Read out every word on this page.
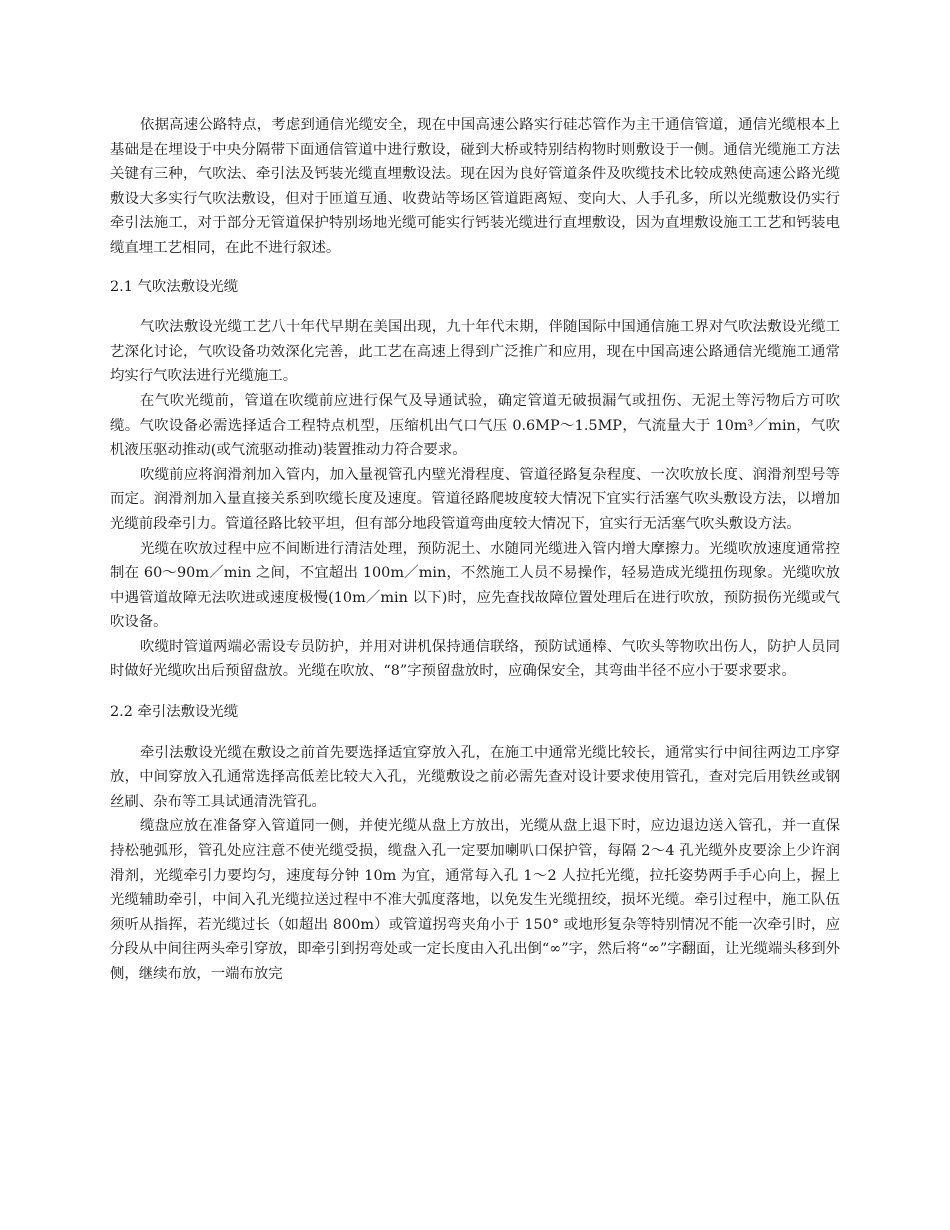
依据高速公路特点，考虑到通信光缆安全，现在中国高速公路实行硅芯管作为主干通信管道，通信光缆根本上基础是在埋设于中央分隔带下面通信管道中进行敷设，碰到大桥或特别结构物时则敷设于一侧。通信光缆施工方法关键有三种，气吹法、牵引法及钙装光缆直埋敷设法。现在因为良好管道条件及吹缆技术比较成熟使高速公路光缆敷设大多实行气吹法敷设，但对于匝道互通、收费站等场区管道距离短、变向大、人手孔多，所以光缆敷设仍实行牵引法施工，对于部分无管道保护特别场地光缆可能实行钙装光缆进行直埋敷设，因为直埋敷设施工工艺和钙装电缆直埋工艺相同，在此不进行叙述。

2.1 气吹法敷设光缆

气吹法敷设光缆工艺八十年代早期在美国出现，九十年代末期，伴随国际中国通信施工界对气吹法敷设光缆工艺深化讨论，气吹设备功效深化完善，此工艺在高速上得到广泛推广和应用，现在中国高速公路通信光缆施工通常均实行气吹法进行光缆施工。

在气吹光缆前，管道在吹缆前应进行保气及导通试验，确定管道无破损漏气或扭伤、无泥土等污物后方可吹缆。气吹设备必需选择适合工程特点机型，压缩机出气口气压 0.6MP～1.5MP，气流量大于 10m³／min，气吹机液压驱动推动(或气流驱动推动)装置推动力符合要求。

吹缆前应将润滑剂加入管内，加入量视管孔内壁光滑程度、管道径路复杂程度、一次吹放长度、润滑剂型号等而定。润滑剂加入量直接关系到吹缆长度及速度。管道径路爬坡度较大情况下宜实行活塞气吹头敷设方法，以增加光缆前段牵引力。管道径路比较平坦，但有部分地段管道弯曲度较大情况下，宜实行无活塞气吹头敷设方法。

光缆在吹放过程中应不间断进行清洁处理，预防泥土、水随同光缆进入管内增大摩擦力。光缆吹放速度通常控制在 60～90m／min 之间，不宜超出 100m／min，不然施工人员不易操作，轻易造成光缆扭伤现象。光缆吹放中遇管道故障无法吹进或速度极慢(10m／min 以下)时，应先查找故障位置处理后在进行吹放，预防损伤光缆或气吹设备。

吹缆时管道两端必需设专员防护，并用对讲机保持通信联络，预防试通棒、气吹头等物吹出伤人，防护人员同时做好光缆吹出后预留盘放。光缆在吹放、“8”字预留盘放时，应确保安全，其弯曲半径不应小于要求要求。

2.2 牵引法敷设光缆

牵引法敷设光缆在敷设之前首先要选择适宜穿放入孔，在施工中通常光缆比较长，通常实行中间往两边工序穿放，中间穿放入孔通常选择高低差比较大入孔，光缆敷设之前必需先查对设计要求使用管孔，查对完后用铁丝或钢丝刷、杂布等工具试通清洗管孔。

缆盘应放在准备穿入管道同一侧，并使光缆从盘上方放出，光缆从盘上退下时，应边退边送入管孔，并一直保持松驰弧形，管孔处应注意不使光缆受损，缆盘入孔一定要加喇叭口保护管，每隔 2～4 孔光缆外皮要涂上少许润滑剂，光缆牵引力要均匀，速度每分钟 10m 为宜，通常每入孔 1～2 人拉托光缆，拉托姿势两手手心向上，握上光缆辅助牵引，中间入孔光缆拉送过程中不准大弧度落地，以免发生光缆扭绞，损坏光缆。牵引过程中，施工队伍须听从指挥，若光缆过长（如超出 800m）或管道拐弯夹角小于 150° 或地形复杂等特别情况不能一次牵引时，应分段从中间往两头牵引穿放，即牵引到拐弯处或一定长度由入孔出倒“∞”字，然后将“∞”字翻面，让光缆端头移到外侧，继续布放，一端布放完
